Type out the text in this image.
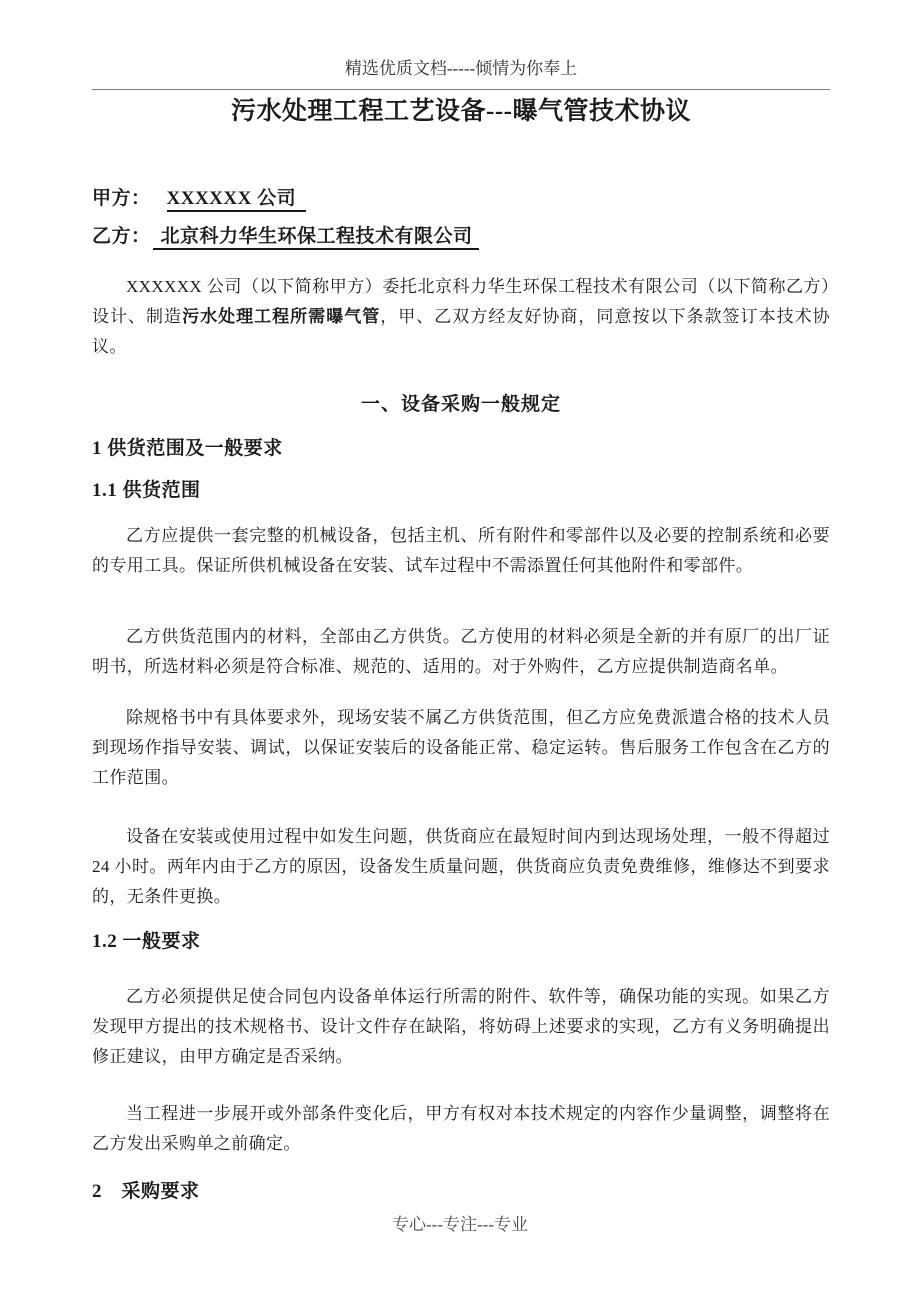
精选优质文档-----倾情为你奉上
污水处理工程工艺设备---曝气管技术协议
甲方： XXXXXX 公司
乙方： 北京科力华生环保工程技术有限公司

XXXXXX 公司（以下简称甲方）委托北京科力华生环保工程技术有限公司（以下简称乙方）设计、制造污水处理工程所需曝气管，甲、乙双方经友好协商，同意按以下条款签订本技术协议。

一、设备采购一般规定
1 供货范围及一般要求
1.1 供货范围

乙方应提供一套完整的机械设备，包括主机、所有附件和零部件以及必要的控制系统和必要的专用工具。保证所供机械设备在安装、试车过程中不需添置任何其他附件和零部件。

乙方供货范围内的材料，全部由乙方供货。乙方使用的材料必须是全新的并有原厂的出厂证明书，所选材料必须是符合标准、规范的、适用的。对于外购件，乙方应提供制造商名单。

除规格书中有具体要求外，现场安装不属乙方供货范围，但乙方应免费派遣合格的技术人员到现场作指导安装、调试，以保证安装后的设备能正常、稳定运转。售后服务工作包含在乙方的工作范围。

设备在安装或使用过程中如发生问题，供货商应在最短时间内到达现场处理，一般不得超过 24 小时。两年内由于乙方的原因，设备发生质量问题，供货商应负责免费维修，维修达不到要求的，无条件更换。

1.2 一般要求

乙方必须提供足使合同包内设备单体运行所需的附件、软件等，确保功能的实现。如果乙方发现甲方提出的技术规格书、设计文件存在缺陷，将妨碍上述要求的实现，乙方有义务明确提出修正建议，由甲方确定是否采纳。

当工程进一步展开或外部条件变化后，甲方有权对本技术规定的内容作少量调整，调整将在乙方发出采购单之前确定。

2　采购要求
专心---专注---专业
